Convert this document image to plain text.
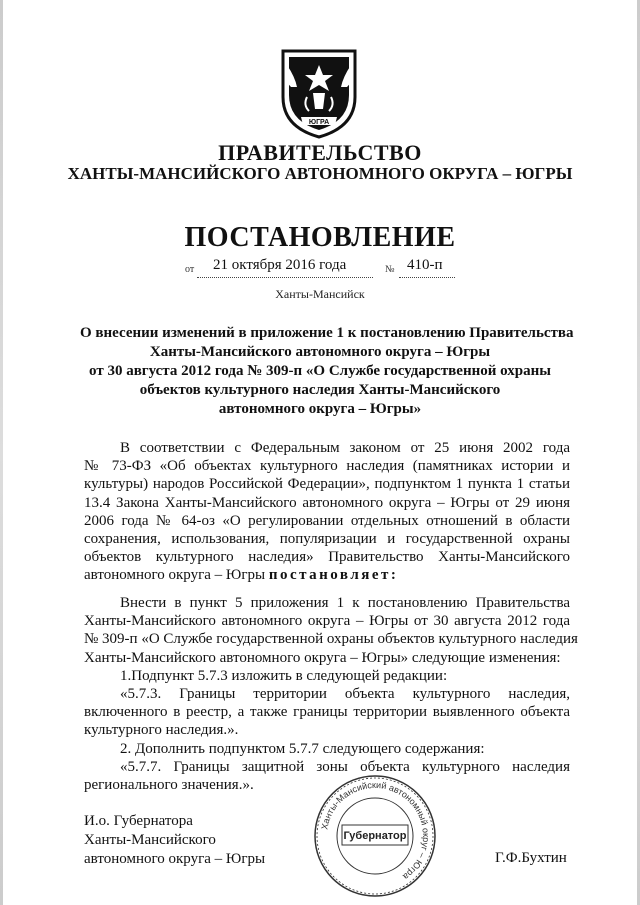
ЮГРА
ПРАВИТЕЛЬСТВО
ХАНТЫ-МАНСИЙСКОГО АВТОНОМНОГО ОКРУГА – ЮГРЫ
ПОСТАНОВЛЕНИЕ
от 21 октября 2016 года	№ 410-п
Ханты-Мансийск
О внесении изменений в приложение 1 к постановлению Правительства
Ханты-Мансийского автономного округа – Югры
от 30 августа 2012 года № 309-п «О Службе государственной охраны
объектов культурного наследия Ханты-Мансийского
автономного округа – Югры»
В соответствии с Федеральным законом от 25 июня 2002 года
№ 73-ФЗ «Об объектах культурного наследия (памятниках истории и
культуры) народов Российской Федерации», подпунктом 1 пункта 1 статьи
13.4 Закона Ханты-Мансийского автономного округа – Югры от 29 июня
2006 года № 64-оз «О регулировании отдельных отношений в области
сохранения, использования, популяризации и государственной охраны
объектов культурного наследия» Правительство Ханты-Мансийского
автономного округа – Югры постановляет:
Внести в пункт 5 приложения 1 к постановлению Правительства
Ханты-Мансийского автономного округа – Югры от 30 августа 2012 года
№ 309-п «О Службе государственной охраны объектов культурного наследия
Ханты-Мансийского автономного округа – Югры» следующие изменения:
1.Подпункт 5.7.3 изложить в следующей редакции:
«5.7.3. Границы территории объекта культурного наследия,
включенного в реестр, а также границы территории выявленного объекта
культурного наследия.».
2. Дополнить подпунктом 5.7.7 следующего содержания:
«5.7.7. Границы защитной зоны объекта культурного наследия
регионального значения.».
И.о. Губернатора
Ханты-Мансийского
автономного округа – Югры
Ханты-Мансийский автономный округ – Югра
Губернатор
Г.Ф.Бухтин
